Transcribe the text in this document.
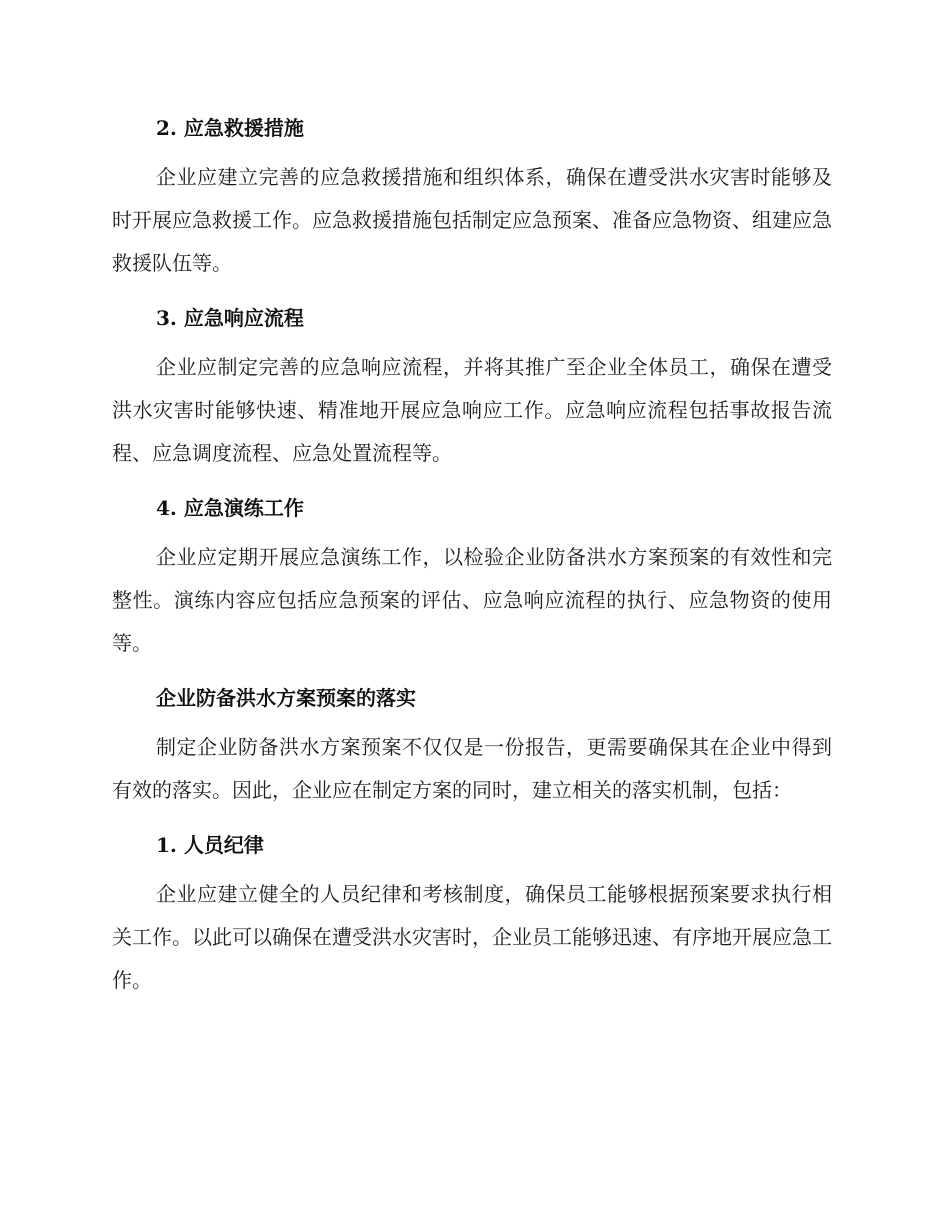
2. 应急救援措施

企业应建立完善的应急救援措施和组织体系，确保在遭受洪水灾害时能够及时开展应急救援工作。应急救援措施包括制定应急预案、准备应急物资、组建应急救援队伍等。

3. 应急响应流程

企业应制定完善的应急响应流程，并将其推广至企业全体员工，确保在遭受洪水灾害时能够快速、精准地开展应急响应工作。应急响应流程包括事故报告流程、应急调度流程、应急处置流程等。

4. 应急演练工作

企业应定期开展应急演练工作，以检验企业防备洪水方案预案的有效性和完整性。演练内容应包括应急预案的评估、应急响应流程的执行、应急物资的使用等。

企业防备洪水方案预案的落实

制定企业防备洪水方案预案不仅仅是一份报告，更需要确保其在企业中得到有效的落实。因此，企业应在制定方案的同时，建立相关的落实机制，包括：

1. 人员纪律

企业应建立健全的人员纪律和考核制度，确保员工能够根据预案要求执行相关工作。以此可以确保在遭受洪水灾害时，企业员工能够迅速、有序地开展应急工作。
